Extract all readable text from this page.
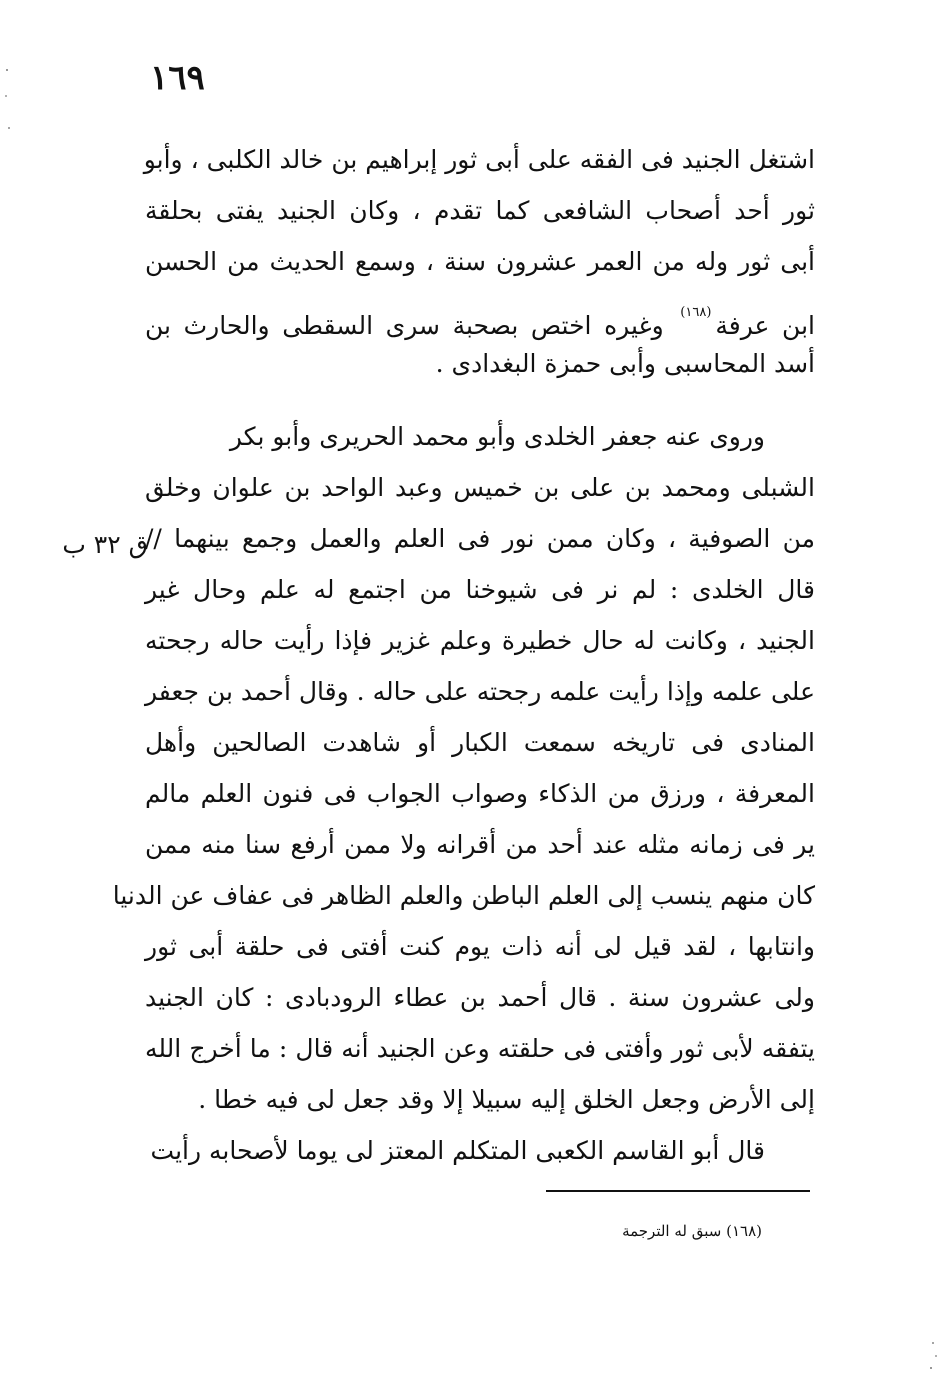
١٦٩
اشتغل الجنيد فى الفقه على أبى ثور إبراهيم بن خالد الكلبى ، وأبو
ثور أحد أصحاب الشافعى كما تقدم ، وكان الجنيد يفتى بحلقة
أبى ثور وله من العمر عشرون سنة ، وسمع الحديث من الحسن
ابن عرفة$^{(١٦٨)}$ وغيره اختص بصحبة سرى السقطى والحارث بن
أسد المحاسبى وأبى حمزة البغدادى .
وروى عنه جعفر الخلدى وأبو محمد الحريرى وأبو بكر
الشبلى ومحمد بن على بن خميس وعبد الواحد بن علوان وخلق
من الصوفية ، وكان ممن نور فى العلم والعمل وجمع بينهما //
قال الخلدى : لم نر فى شيوخنا من اجتمع له علم وحال غير
الجنيد ، وكانت له حال خطيرة وعلم غزير فإذا رأيت حاله رجحته
على علمه وإذا رأيت علمه رجحته على حاله . وقال أحمد بن جعفر
المنادى فى تاريخه سمعت الكبار أو شاهدت الصالحين وأهل
المعرفة ، ورزق من الذكاء وصواب الجواب فى فنون العلم مالم
ير فى زمانه مثله عند أحد من أقرانه ولا ممن أرفع سنا منه ممن
كان منهم ينسب إلى العلم الباطن والعلم الظاهر فى عفاف عن الدنيا
وانتابها ، لقد قيل لى أنه ذات يوم كنت أفتى فى حلقة أبى ثور
ولى عشرون سنة . قال أحمد بن عطاء الرودبادى : كان الجنيد
يتفقه لأبى ثور وأفتى فى حلقته وعن الجنيد أنه قال : ما أخرج الله
إلى الأرض وجعل الخلق إليه سبيلا إلا وقد جعل لى فيه خطا .
قال أبو القاسم الكعبى المتكلم المعتز لى يوما لأصحابه رأيت
ق ٣٢ ب
(١٦٨) سبق له الترجمة
